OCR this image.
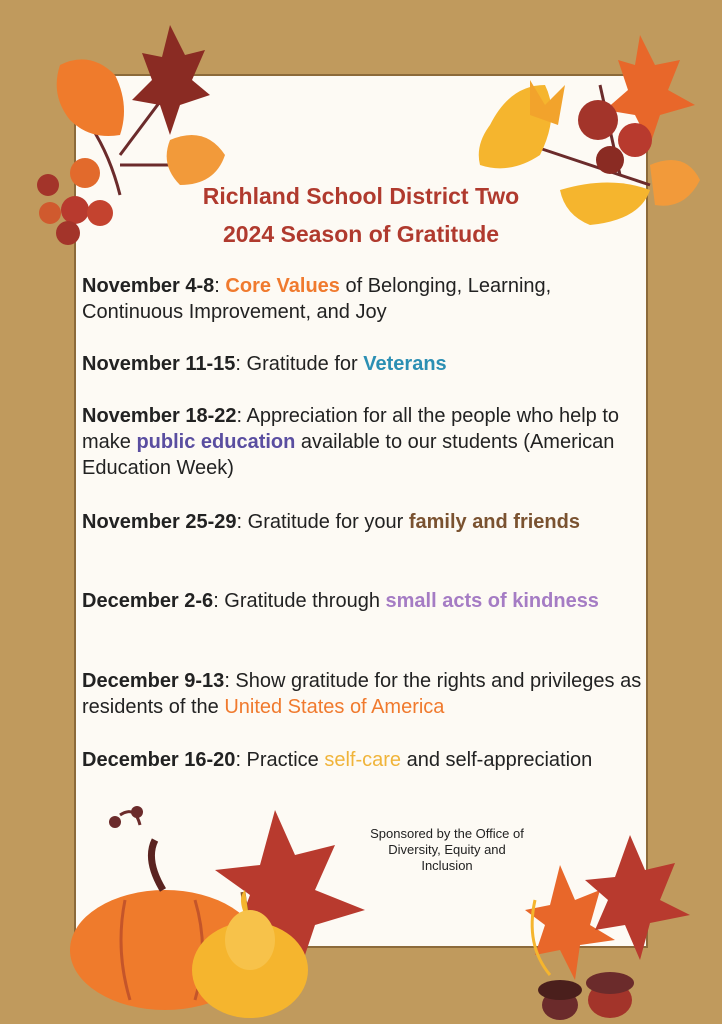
Richland School District Two
2024 Season of Gratitude
November 4-8: Core Values of Belonging, Learning, Continuous Improvement, and Joy
November 11-15: Gratitude for Veterans
November 18-22: Appreciation for all the people who help to make public education available to our students (American Education Week)
November 25-29: Gratitude for your family and friends
December 2-6: Gratitude through small acts of kindness
December 9-13: Show gratitude for the rights and privileges as residents of the United States of America
December 16-20: Practice self-care and self-appreciation
Sponsored by the Office of
Diversity, Equity and
Inclusion
